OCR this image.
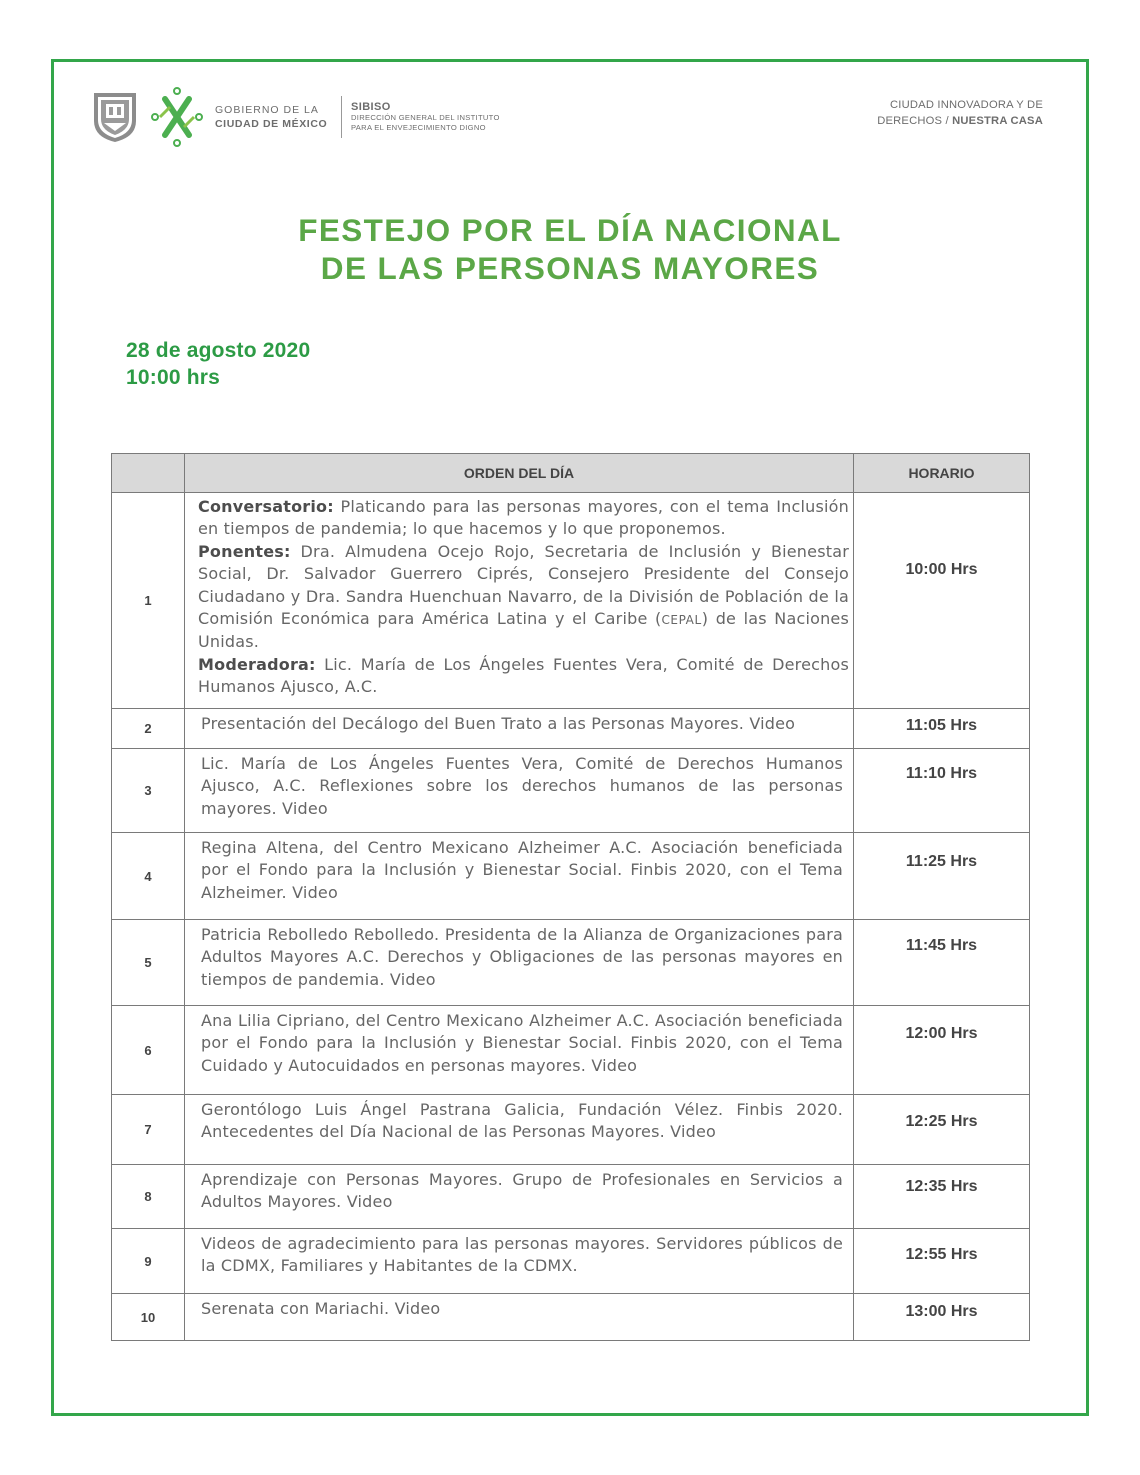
GOBIERNO DE LA
CIUDAD DE MÉXICO
SIBISO
DIRECCIÓN GENERAL DEL INSTITUTO
PARA EL ENVEJECIMIENTO DIGNO
CIUDAD INNOVADORA Y DE
DERECHOS / NUESTRA CASA
FESTEJO POR EL DÍA NACIONAL
DE LAS PERSONAS MAYORES
28 de agosto 2020
10:00 hrs
	ORDEN DEL DÍA	HORARIO
1	Conversatorio: Platicando para las personas mayores, con el tema Inclusión en tiempos de pandemia; lo que hacemos y lo que proponemos.
Ponentes: Dra. Almudena Ocejo Rojo, Secretaria de Inclusión y Bienestar Social, Dr. Salvador Guerrero Ciprés, Consejero Presidente del Consejo Ciudadano y Dra. Sandra Huenchuan Navarro, de la División de Población de la Comisión Económica para América Latina y el Caribe (CEPAL) de las Naciones Unidas.
Moderadora: Lic. María de Los Ángeles Fuentes Vera, Comité de Derechos Humanos Ajusco, A.C.	10:00 Hrs
2	Presentación del Decálogo del Buen Trato a las Personas Mayores. Video	11:05 Hrs
3	Lic. María de Los Ángeles Fuentes Vera, Comité de Derechos Humanos Ajusco, A.C. Reflexiones sobre los derechos humanos de las personas mayores. Video	11:10 Hrs
4	Regina Altena, del Centro Mexicano Alzheimer A.C. Asociación beneficiada por el Fondo para la Inclusión y Bienestar Social. Finbis 2020, con el Tema Alzheimer. Video	11:25 Hrs
5	Patricia Rebolledo Rebolledo. Presidenta de la Alianza de Organizaciones para Adultos Mayores A.C. Derechos y Obligaciones de las personas mayores en tiempos de pandemia. Video	11:45 Hrs
6	Ana Lilia Cipriano, del Centro Mexicano Alzheimer A.C. Asociación beneficiada por el Fondo para la Inclusión y Bienestar Social. Finbis 2020, con el Tema Cuidado y Autocuidados en personas mayores. Video	12:00 Hrs
7	Gerontólogo Luis Ángel Pastrana Galicia, Fundación Vélez. Finbis 2020. Antecedentes del Día Nacional de las Personas Mayores. Video	12:25 Hrs
8	Aprendizaje con Personas Mayores. Grupo de Profesionales en Servicios a Adultos Mayores. Video	12:35 Hrs
9	Videos de agradecimiento para las personas mayores. Servidores públicos de la CDMX, Familiares y Habitantes de la CDMX.	12:55 Hrs
10	Serenata con Mariachi. Video	13:00 Hrs
